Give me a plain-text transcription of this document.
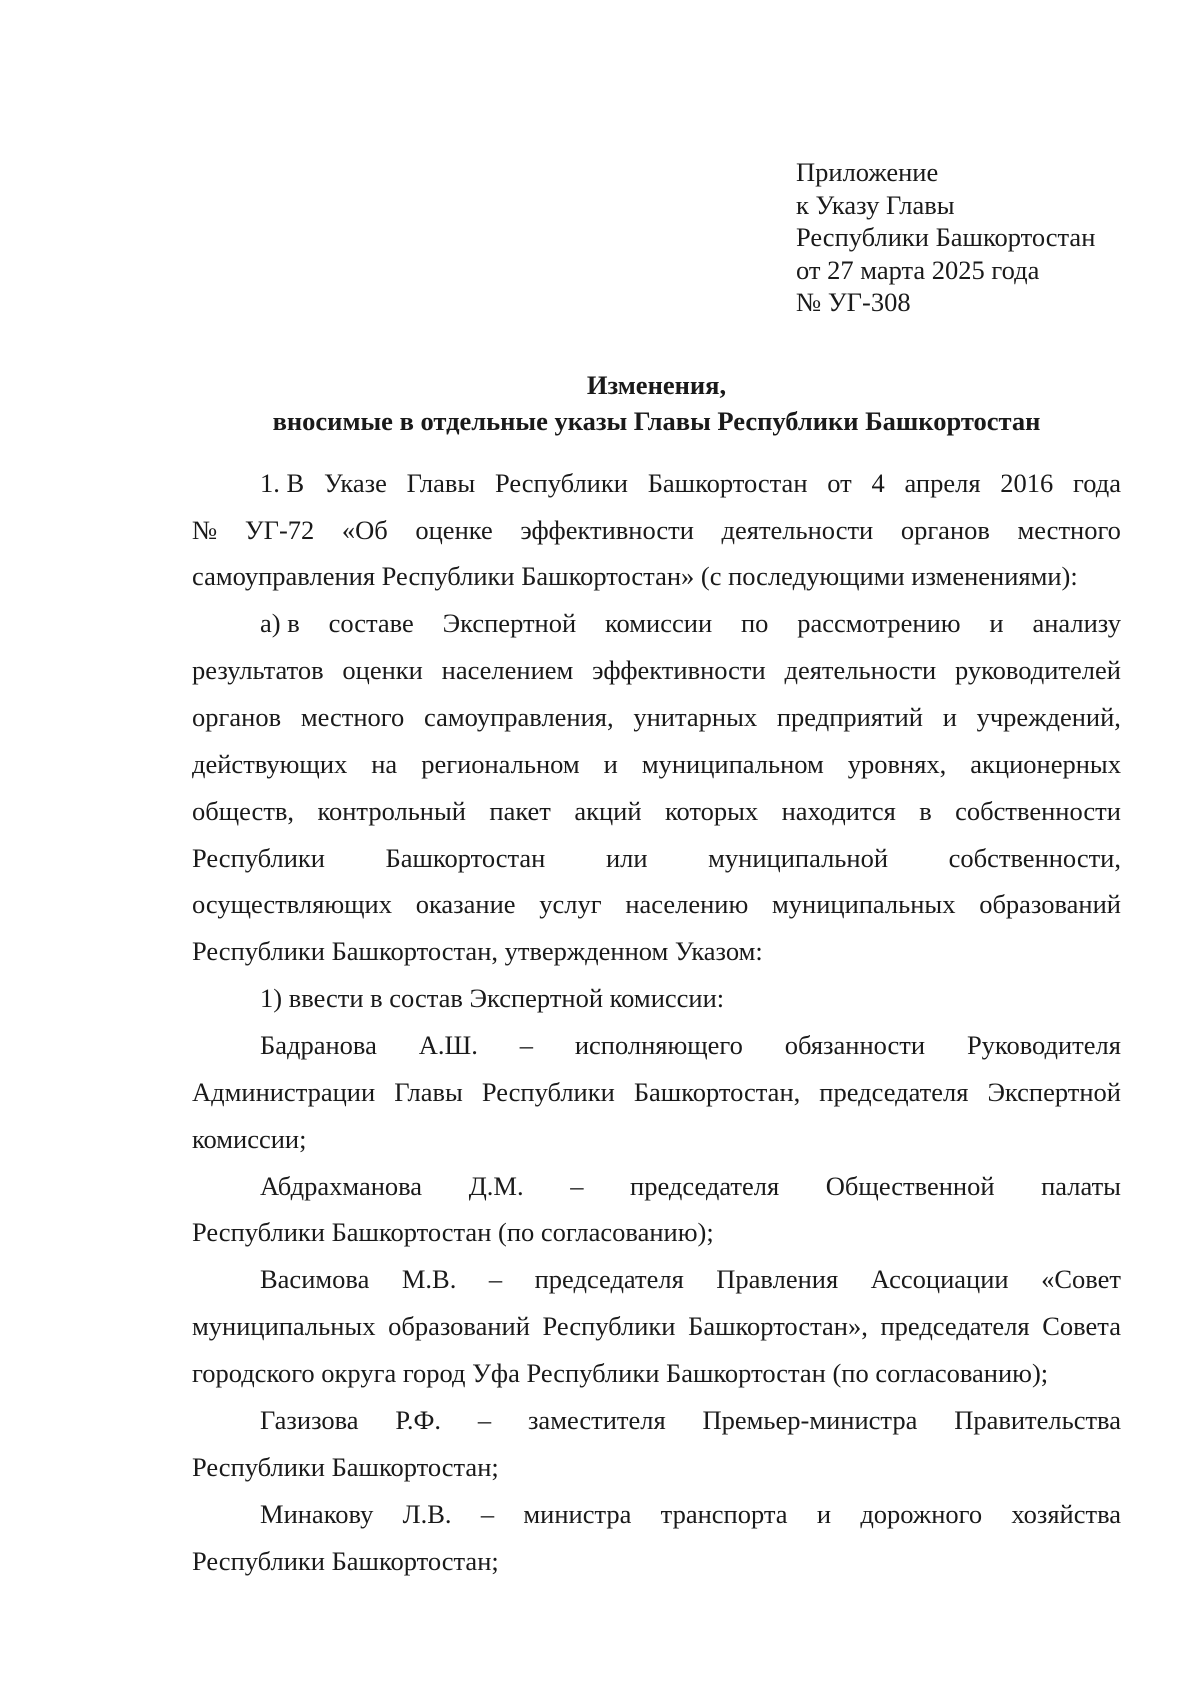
Приложение
к Указу Главы
Республики Башкортостан
от 27 марта 2025 года
№ УГ-308
Изменения,
вносимые в отдельные указы Главы Республики Башкортостан
1. В Указе Главы Республики Башкортостан от 4 апреля 2016 года
№ УГ-72 «Об оценке эффективности деятельности органов местного
самоуправления Республики Башкортостан» (с последующими изменениями):
а) в составе Экспертной комиссии по рассмотрению и анализу
результатов оценки населением эффективности деятельности руководителей
органов местного самоуправления, унитарных предприятий и учреждений,
действующих на региональном и муниципальном уровнях, акционерных
обществ, контрольный пакет акций которых находится в собственности
Республики Башкортостан или муниципальной собственности,
осуществляющих оказание услуг населению муниципальных образований
Республики Башкортостан, утвержденном Указом:
1) ввести в состав Экспертной комиссии:
Бадранова А.Ш. – исполняющего обязанности Руководителя
Администрации Главы Республики Башкортостан, председателя Экспертной
комиссии;
Абдрахманова Д.М. – председателя Общественной палаты
Республики Башкортостан (по согласованию);
Васимова М.В. – председателя Правления Ассоциации «Совет
муниципальных образований Республики Башкортостан», председателя Совета
городского округа город Уфа Республики Башкортостан (по согласованию);
Газизова Р.Ф. – заместителя Премьер-министра Правительства
Республики Башкортостан;
Минакову Л.В. – министра транспорта и дорожного хозяйства
Республики Башкортостан;
